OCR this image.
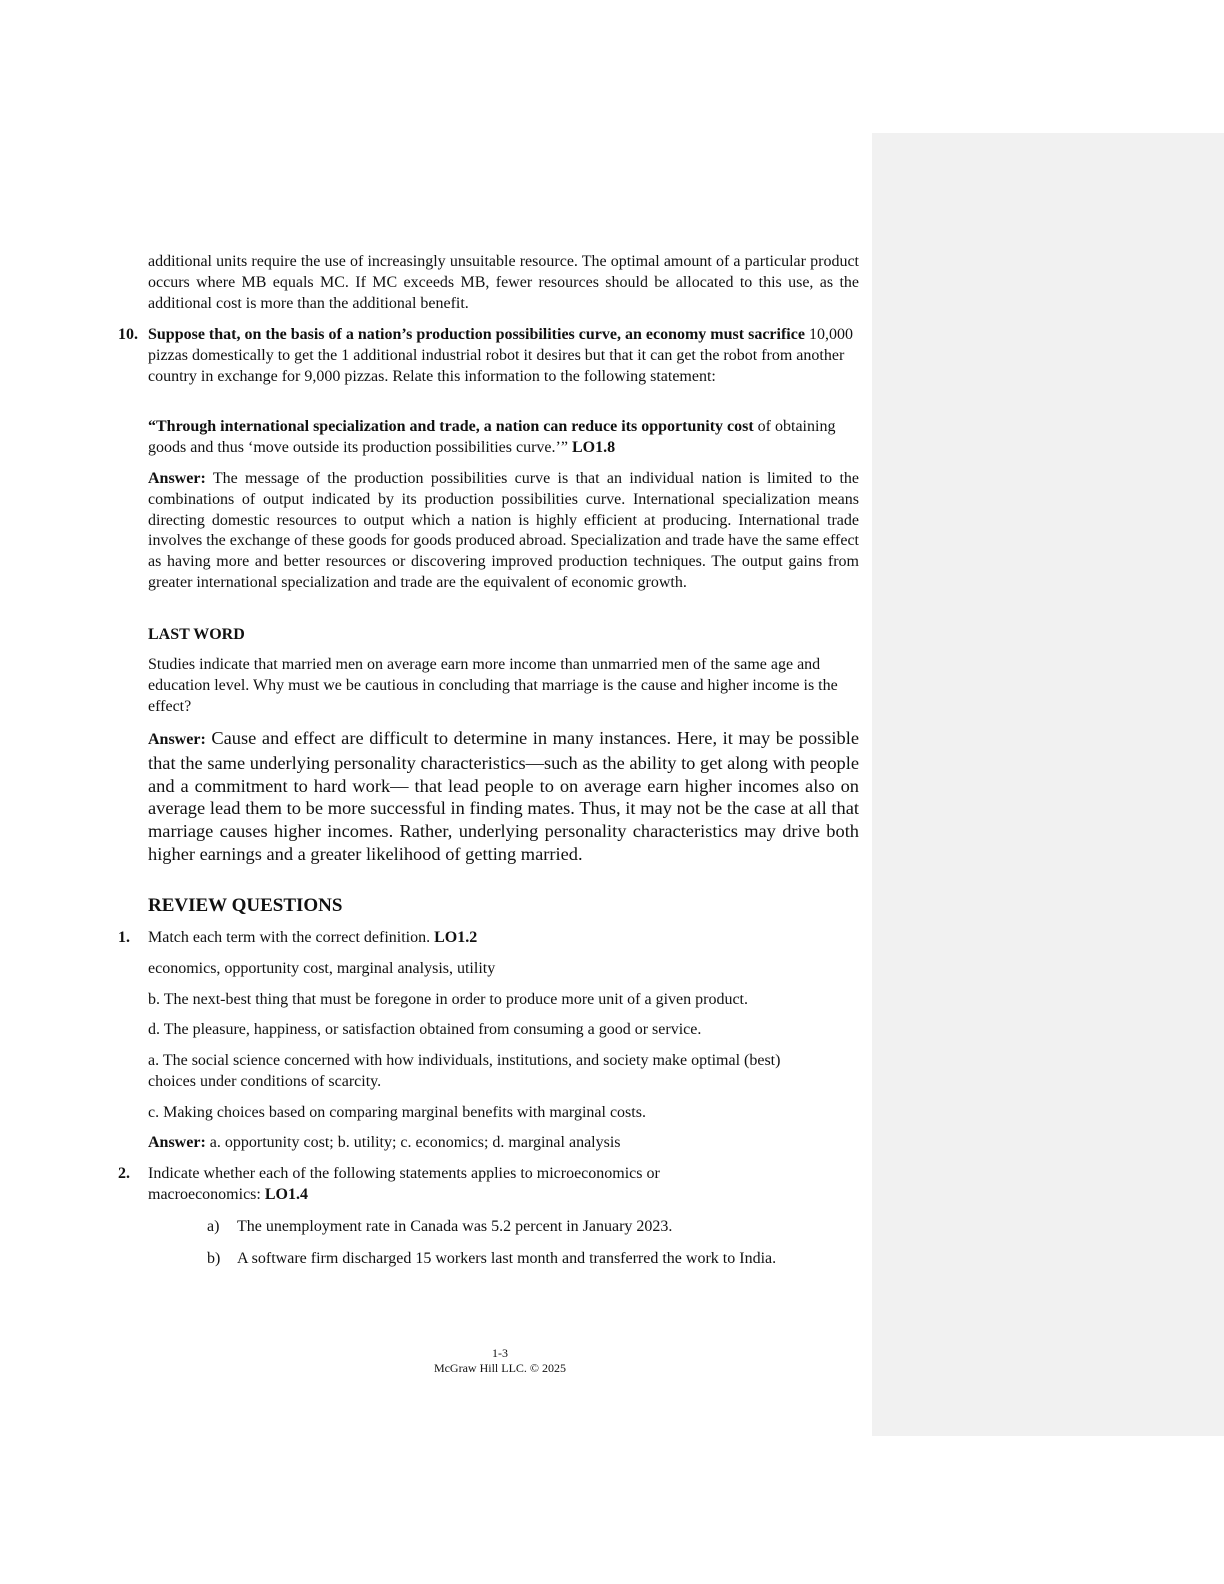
additional units require the use of increasingly unsuitable resource. The optimal amount of a particular product occurs where MB equals MC. If MC exceeds MB, fewer resources should be allocated to this use, as the additional cost is more than the additional benefit.
10. Suppose that, on the basis of a nation’s production possibilities curve, an economy must sacrifice 10,000 pizzas domestically to get the 1 additional industrial robot it desires but that it can get the robot from another country in exchange for 9,000 pizzas. Relate this information to the following statement:
“Through international specialization and trade, a nation can reduce its opportunity cost of obtaining goods and thus ‘move outside its production possibilities curve.’” LO1.8
Answer: The message of the production possibilities curve is that an individual nation is limited to the combinations of output indicated by its production possibilities curve. International specialization means directing domestic resources to output which a nation is highly efficient at producing. International trade involves the exchange of these goods for goods produced abroad. Specialization and trade have the same effect as having more and better resources or discovering improved production techniques. The output gains from greater international specialization and trade are the equivalent of economic growth.
LAST WORD
Studies indicate that married men on average earn more income than unmarried men of the same age and education level. Why must we be cautious in concluding that marriage is the cause and higher income is the effect?
Answer: Cause and effect are difficult to determine in many instances. Here, it may be possible that the same underlying personality characteristics—such as the ability to get along with people and a commitment to hard work— that lead people to on average earn higher incomes also on average lead them to be more successful in finding mates. Thus, it may not be the case at all that marriage causes higher incomes. Rather, underlying personality characteristics may drive both higher earnings and a greater likelihood of getting married.
REVIEW QUESTIONS
1. Match each term with the correct definition. LO1.2
economics, opportunity cost, marginal analysis, utility
b. The next-best thing that must be foregone in order to produce more unit of a given product.
d. The pleasure, happiness, or satisfaction obtained from consuming a good or service.
a. The social science concerned with how individuals, institutions, and society make optimal (best) choices under conditions of scarcity.
c. Making choices based on comparing marginal benefits with marginal costs.
Answer: a. opportunity cost; b. utility; c. economics; d. marginal analysis
2. Indicate whether each of the following statements applies to microeconomics or macroeconomics: LO1.4
a) The unemployment rate in Canada was 5.2 percent in January 2023.
b) A software firm discharged 15 workers last month and transferred the work to India.
1-3
McGraw Hill LLC. © 2025
